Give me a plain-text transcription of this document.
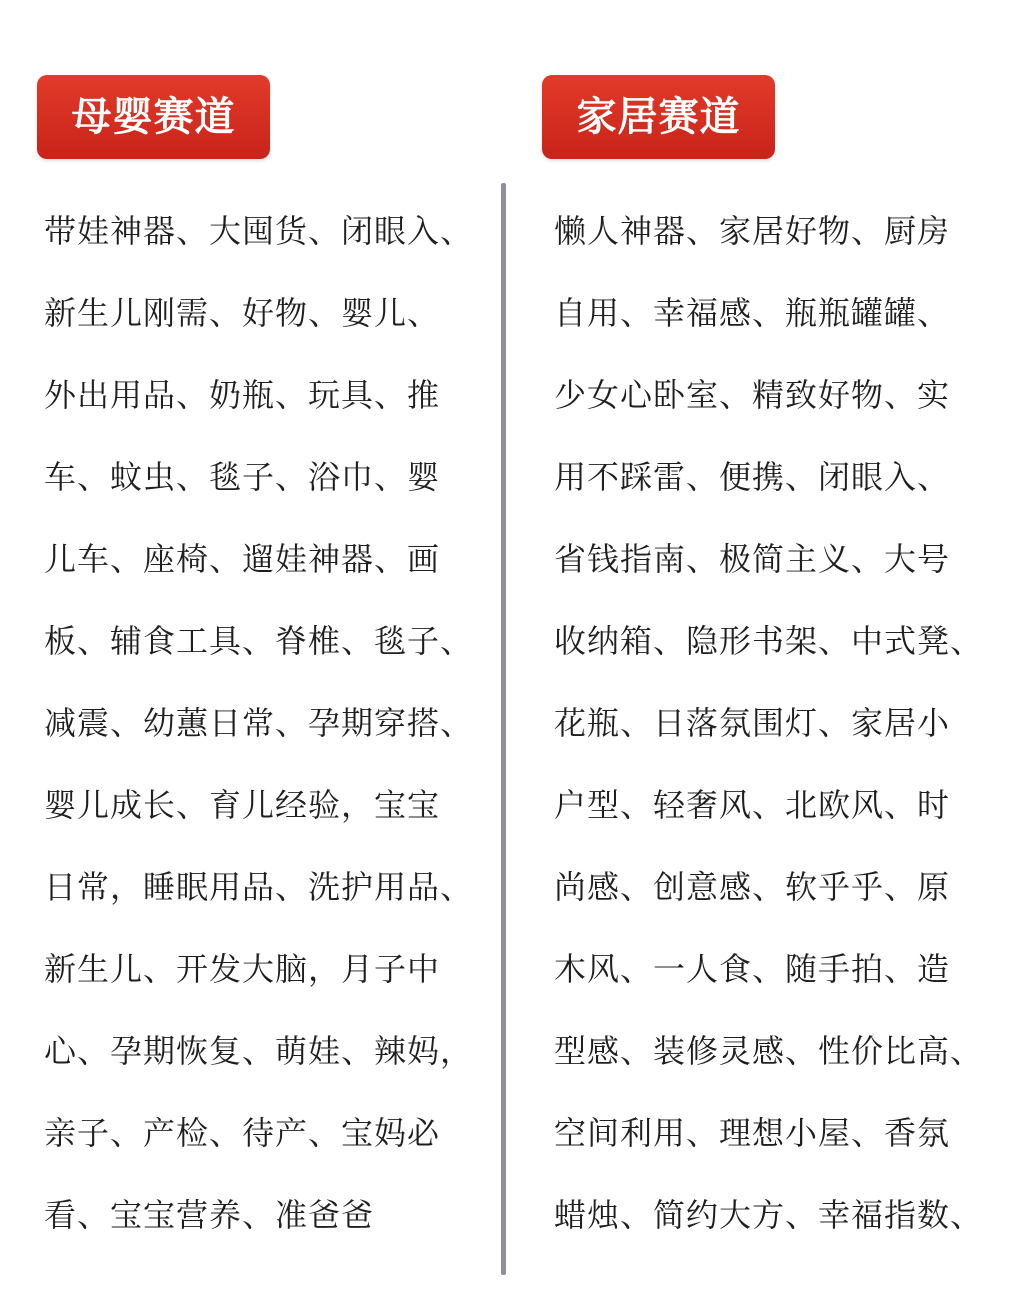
母婴赛道	家居赛道
带娃神器、大囤货、闭眼入、
新生儿刚需、好物、婴儿、
外出用品、奶瓶、玩具、推
车、蚊虫、毯子、浴巾、婴
儿车、座椅、遛娃神器、画
板、辅食工具、脊椎、毯子、
减震、幼蕙日常、孕期穿搭、
婴儿成长、育儿经验，宝宝
日常，睡眠用品、洗护用品、
新生儿、开发大脑，月子中
心、孕期恢复、萌娃、辣妈，
亲子、产检、待产、宝妈必
看、宝宝营养、准爸爸
懒人神器、家居好物、厨房
自用、幸福感、瓶瓶罐罐、
少女心卧室、精致好物、实
用不踩雷、便携、闭眼入、
省钱指南、极简主义、大号
收纳箱、隐形书架、中式凳、
花瓶、日落氛围灯、家居小
户型、轻奢风、北欧风、时
尚感、创意感、软乎乎、原
木风、一人食、随手拍、造
型感、装修灵感、性价比高、
空间利用、理想小屋、香氛
蜡烛、简约大方、幸福指数、
